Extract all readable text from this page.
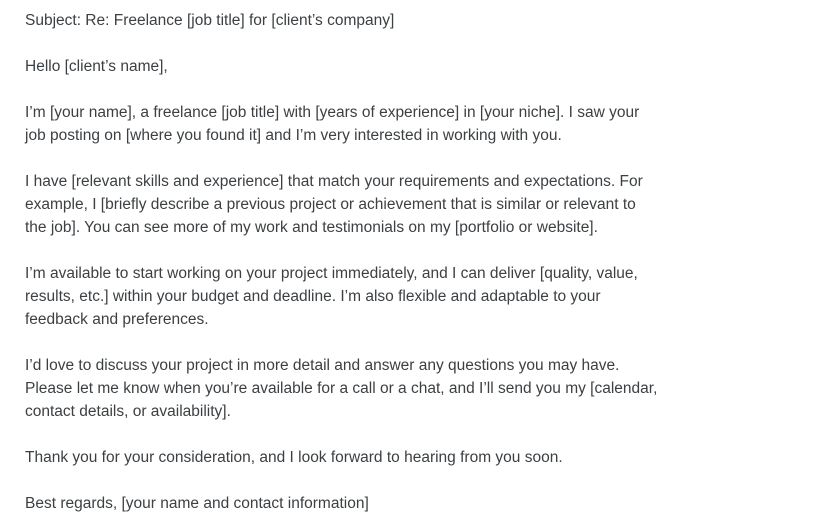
Subject: Re: Freelance [job title] for [client’s company]

Hello [client’s name],

I’m [your name], a freelance [job title] with [years of experience] in [your niche]. I saw your
job posting on [where you found it] and I’m very interested in working with you.

I have [relevant skills and experience] that match your requirements and expectations. For
example, I [briefly describe a previous project or achievement that is similar or relevant to
the job]. You can see more of my work and testimonials on my [portfolio or website].

I’m available to start working on your project immediately, and I can deliver [quality, value,
results, etc.] within your budget and deadline. I’m also flexible and adaptable to your
feedback and preferences.

I’d love to discuss your project in more detail and answer any questions you may have.
Please let me know when you’re available for a call or a chat, and I’ll send you my [calendar,
contact details, or availability].

Thank you for your consideration, and I look forward to hearing from you soon.

Best regards, [your name and contact information]
